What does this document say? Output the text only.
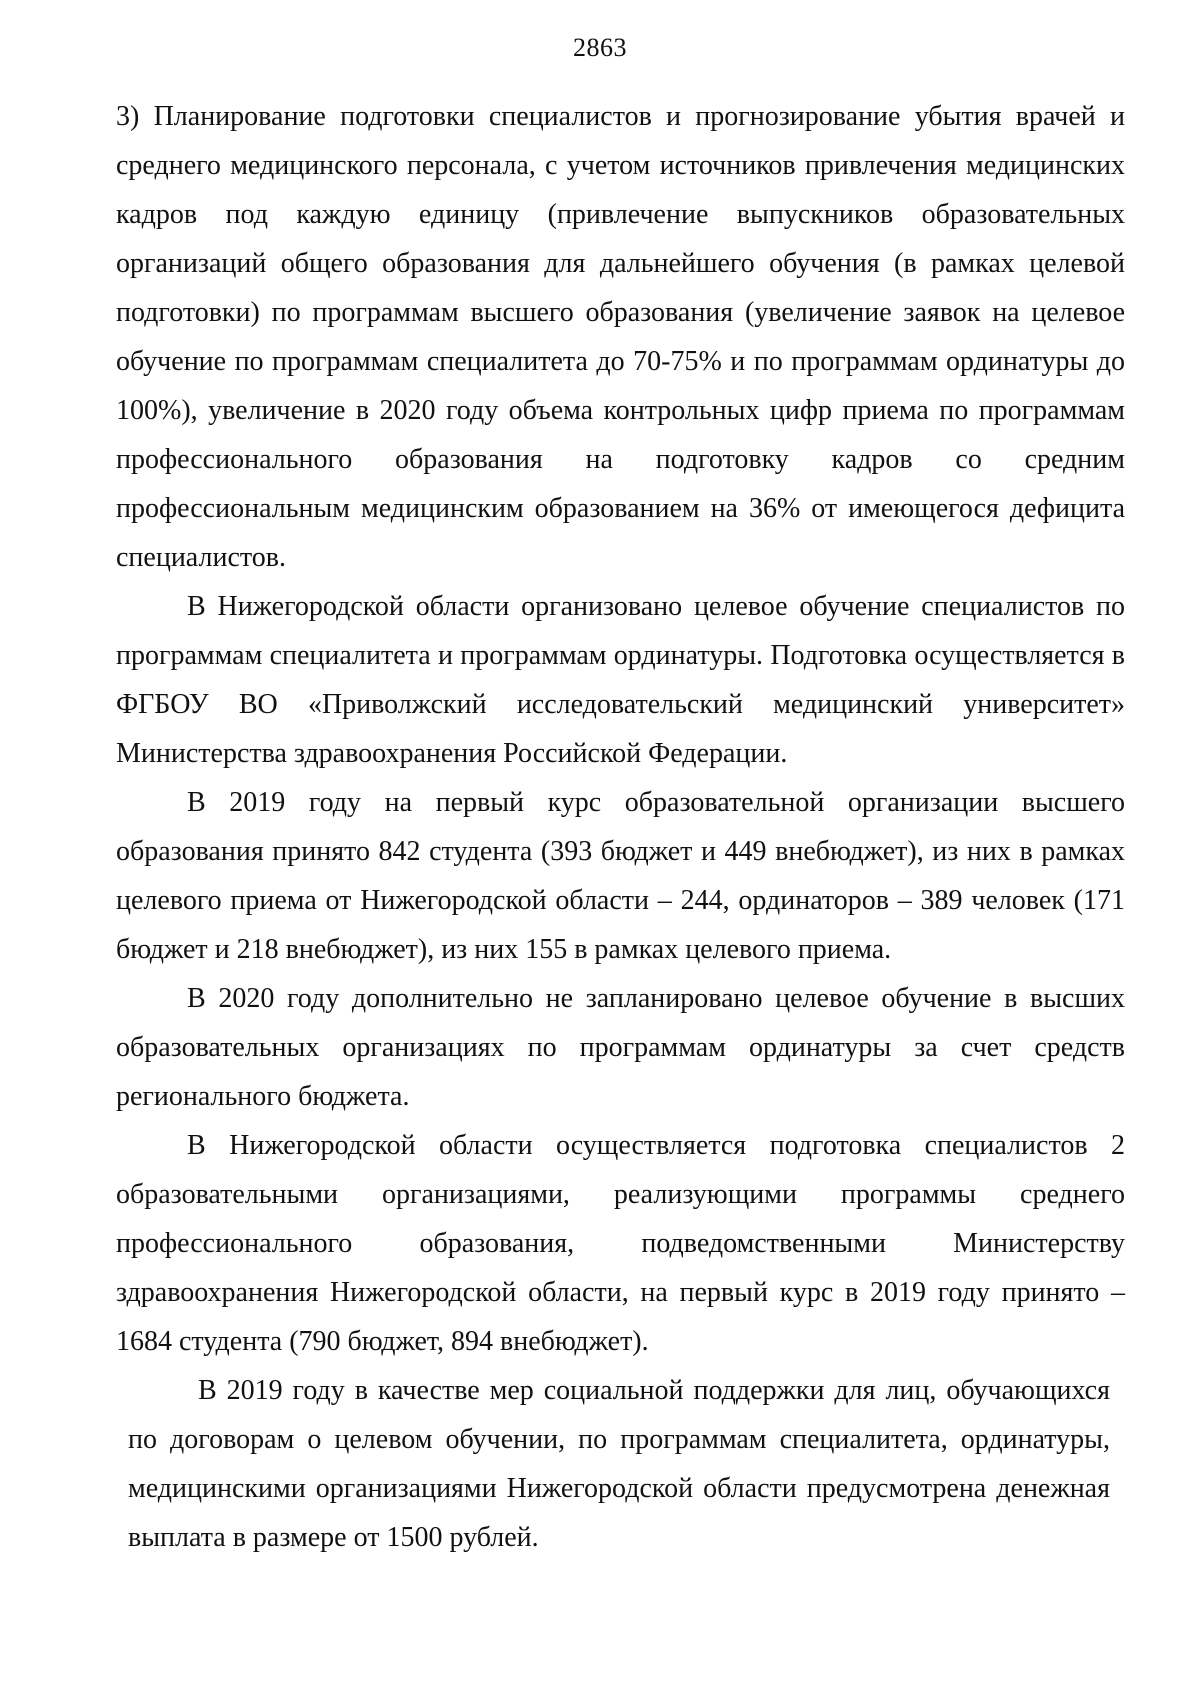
2863

3) Планирование подготовки специалистов и прогнозирование убытия врачей и среднего медицинского персонала, с учетом источников привлечения медицинских кадров под каждую единицу (привлечение выпускников образовательных организаций общего образования для дальнейшего обучения (в рамках целевой подготовки) по программам высшего образования (увеличение заявок на целевое обучение по программам специалитета до 70-75% и по программам ординатуры до 100%), увеличение в 2020 году объема контрольных цифр приема по программам профессионального образования на подготовку кадров со средним профессиональным медицинским образованием на 36% от имеющегося дефицита специалистов.

В Нижегородской области организовано целевое обучение специалистов по программам специалитета и программам ординатуры. Подготовка осуществляется в ФГБОУ ВО «Приволжский исследовательский медицинский университет» Министерства здравоохранения Российской Федерации.

В 2019 году на первый курс образовательной организации высшего образования принято 842 студента (393 бюджет и 449 внебюджет), из них в рамках целевого приема от Нижегородской области – 244, ординаторов – 389 человек (171 бюджет и 218 внебюджет), из них 155 в рамках целевого приема.

В 2020 году дополнительно не запланировано целевое обучение в высших образовательных организациях по программам ординатуры за счет средств регионального бюджета.

В Нижегородской области осуществляется подготовка специалистов 2 образовательными организациями, реализующими программы среднего профессионального образования, подведомственными Министерству здравоохранения Нижегородской области, на первый курс в 2019 году принято – 1684 студента (790 бюджет, 894 внебюджет).

В 2019 году в качестве мер социальной поддержки для лиц, обучающихся по договорам о целевом обучении, по программам специалитета, ординатуры, медицинскими организациями Нижегородской области предусмотрена денежная выплата в размере от 1500 рублей.
